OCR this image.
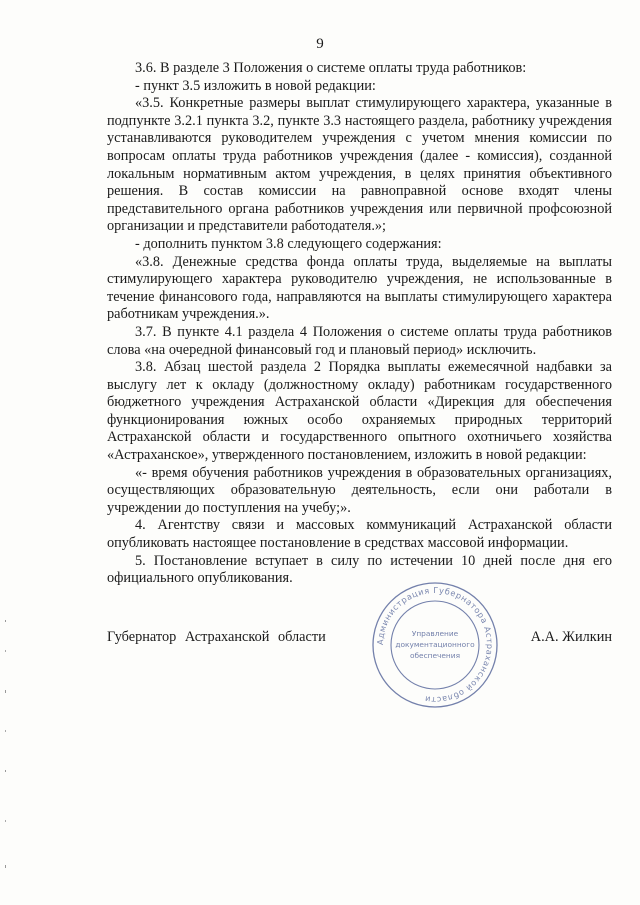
9

3.6. В разделе 3 Положения о системе оплаты труда работников:

- пункт 3.5 изложить в новой редакции:

«3.5. Конкретные размеры выплат стимулирующего характера, указанные в подпункте 3.2.1 пункта 3.2, пункте 3.3 настоящего раздела, работнику учреждения устанавливаются руководителем учреждения с учетом мнения комиссии по вопросам оплаты труда работников учреждения (далее - комиссия), созданной локальным нормативным актом учреждения, в целях принятия объективного решения. В состав комиссии на равноправной основе входят члены представительного органа работников учреждения или первичной профсоюзной организации и представители работодателя.»;

- дополнить пунктом 3.8 следующего содержания:

«3.8. Денежные средства фонда оплаты труда, выделяемые на выплаты стимулирующего характера руководителю учреждения, не использованные в течение финансового года, направляются на выплаты стимулирующего характера работникам учреждения.».

3.7. В пункте 4.1 раздела 4 Положения о системе оплаты труда работников слова «на очередной финансовый год и плановый период» исключить.

3.8. Абзац шестой раздела 2 Порядка выплаты ежемесячной надбавки за выслугу лет к окладу (должностному окладу) работникам государственного бюджетного учреждения Астраханской области «Дирекция для обеспечения функционирования южных особо охраняемых природных территорий Астраханской области и государственного опытного охотничьего хозяйства «Астраханское», утвержденного постановлением, изложить в новой редакции:

«- время обучения работников учреждения в образовательных организациях, осуществляющих образовательную деятельность, если они работали в учреждении до поступления на учебу;».

4. Агентству связи и массовых коммуникаций Астраханской области опубликовать настоящее постановление в средствах массовой информации.

5. Постановление вступает в силу по истечении 10 дней после дня его официального опубликования.

Губернатор Астраханской области	А.А. Жилкин
Администрация Губернатора Астраханской области
Управление
документационного
обеспечения
